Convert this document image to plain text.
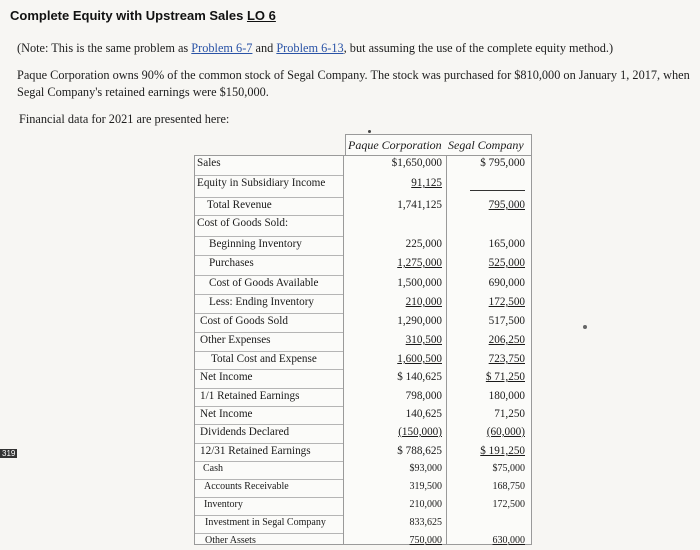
Complete Equity with Upstream Sales LO 6
(Note: This is the same problem as Problem 6-7 and Problem 6-13, but assuming the use of the complete equity method.)
Paque Corporation owns 90% of the common stock of Segal Company. The stock was purchased for $810,000 on January 1, 2017, when
Segal Company's retained earnings were $150,000.
Financial data for 2021 are presented here:
319
Paque Corporation Segal Company
Sales	$1,650,000	$ 795,000
Equity in Subsidiary Income	91,125
Total Revenue	1,741,125	795,000
Cost of Goods Sold:
Beginning Inventory	225,000	165,000
Purchases	1,275,000	525,000
Cost of Goods Available	1,500,000	690,000
Less: Ending Inventory	210,000	172,500
Cost of Goods Sold	1,290,000	517,500
Other Expenses	310,500	206,250
Total Cost and Expense	1,600,500	723,750
Net Income	$ 140,625	$ 71,250
1/1 Retained Earnings	798,000	180,000
Net Income	140,625	71,250
Dividends Declared	(150,000)	(60,000)
12/31 Retained Earnings	$ 788,625	$ 191,250
Cash	$93,000	$75,000
Accounts Receivable	319,500	168,750
Inventory	210,000	172,500
Investment in Segal Company	833,625
Other Assets	750,000	630,000
